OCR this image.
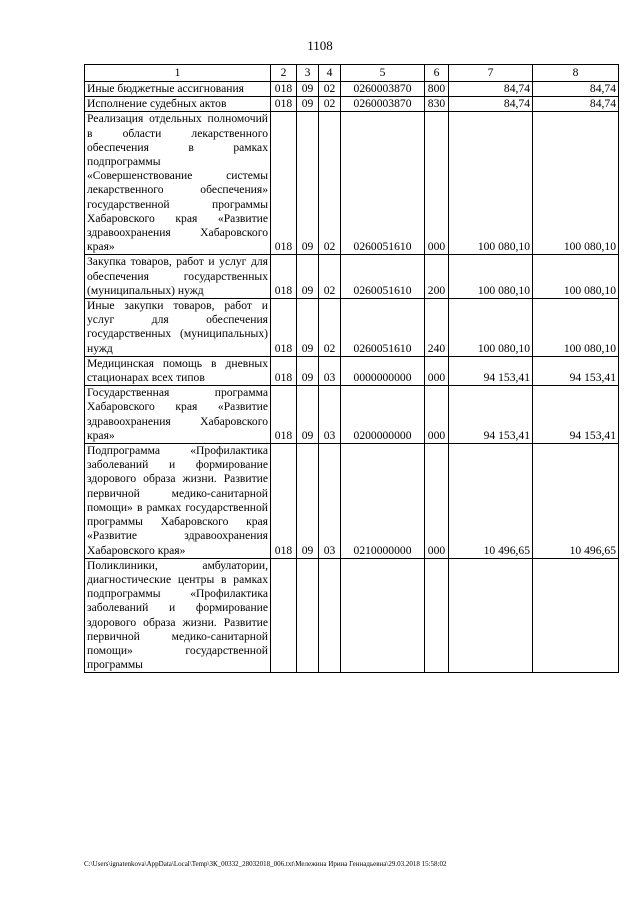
1108
1	2	3	4	5	6	7	8
Иные бюджетные ассигнования	018	09	02	0260003870	800	84,74	84,74
Исполнение судебных актов	018	09	02	0260003870	830	84,74	84,74
Реализация отдельных полномочий в области лекарственного обеспечения в рамках подпрограммы «Совершенствование системы лекарственного обеспечения» государственной программы Хабаровского края «Развитие здравоохранения Хабаровского края»	018	09	02	0260051610	000	100 080,10	100 080,10
Закупка товаров, работ и услуг для обеспечения государственных (муниципальных) нужд	018	09	02	0260051610	200	100 080,10	100 080,10
Иные закупки товаров, работ и услуг для обеспечения государственных (муниципальных) нужд	018	09	02	0260051610	240	100 080,10	100 080,10
Медицинская помощь в дневных стационарах всех типов	018	09	03	0000000000	000	94 153,41	94 153,41
Государственная программа Хабаровского края «Развитие здравоохранения Хабаровского края»	018	09	03	0200000000	000	94 153,41	94 153,41
Подпрограмма «Профилактика заболеваний и формирование здорового образа жизни. Развитие первичной медико-санитарной помощи» в рамках государственной программы Хабаровского края «Развитие здравоохранения Хабаровского края»	018	09	03	0210000000	000	10 496,65	10 496,65
Поликлиники, амбулатории, диагностические центры в рамках подпрограммы «Профилактика заболеваний и формирование здорового образа жизни. Развитие первичной медико-санитарной помощи» государственной программы							
C:\Users\ignatenkova\AppData\Local\Temp\ЗК_00332_28032018_006.txt\Мележина Ирина Геннадьевна\29.03.2018 15:58:02
